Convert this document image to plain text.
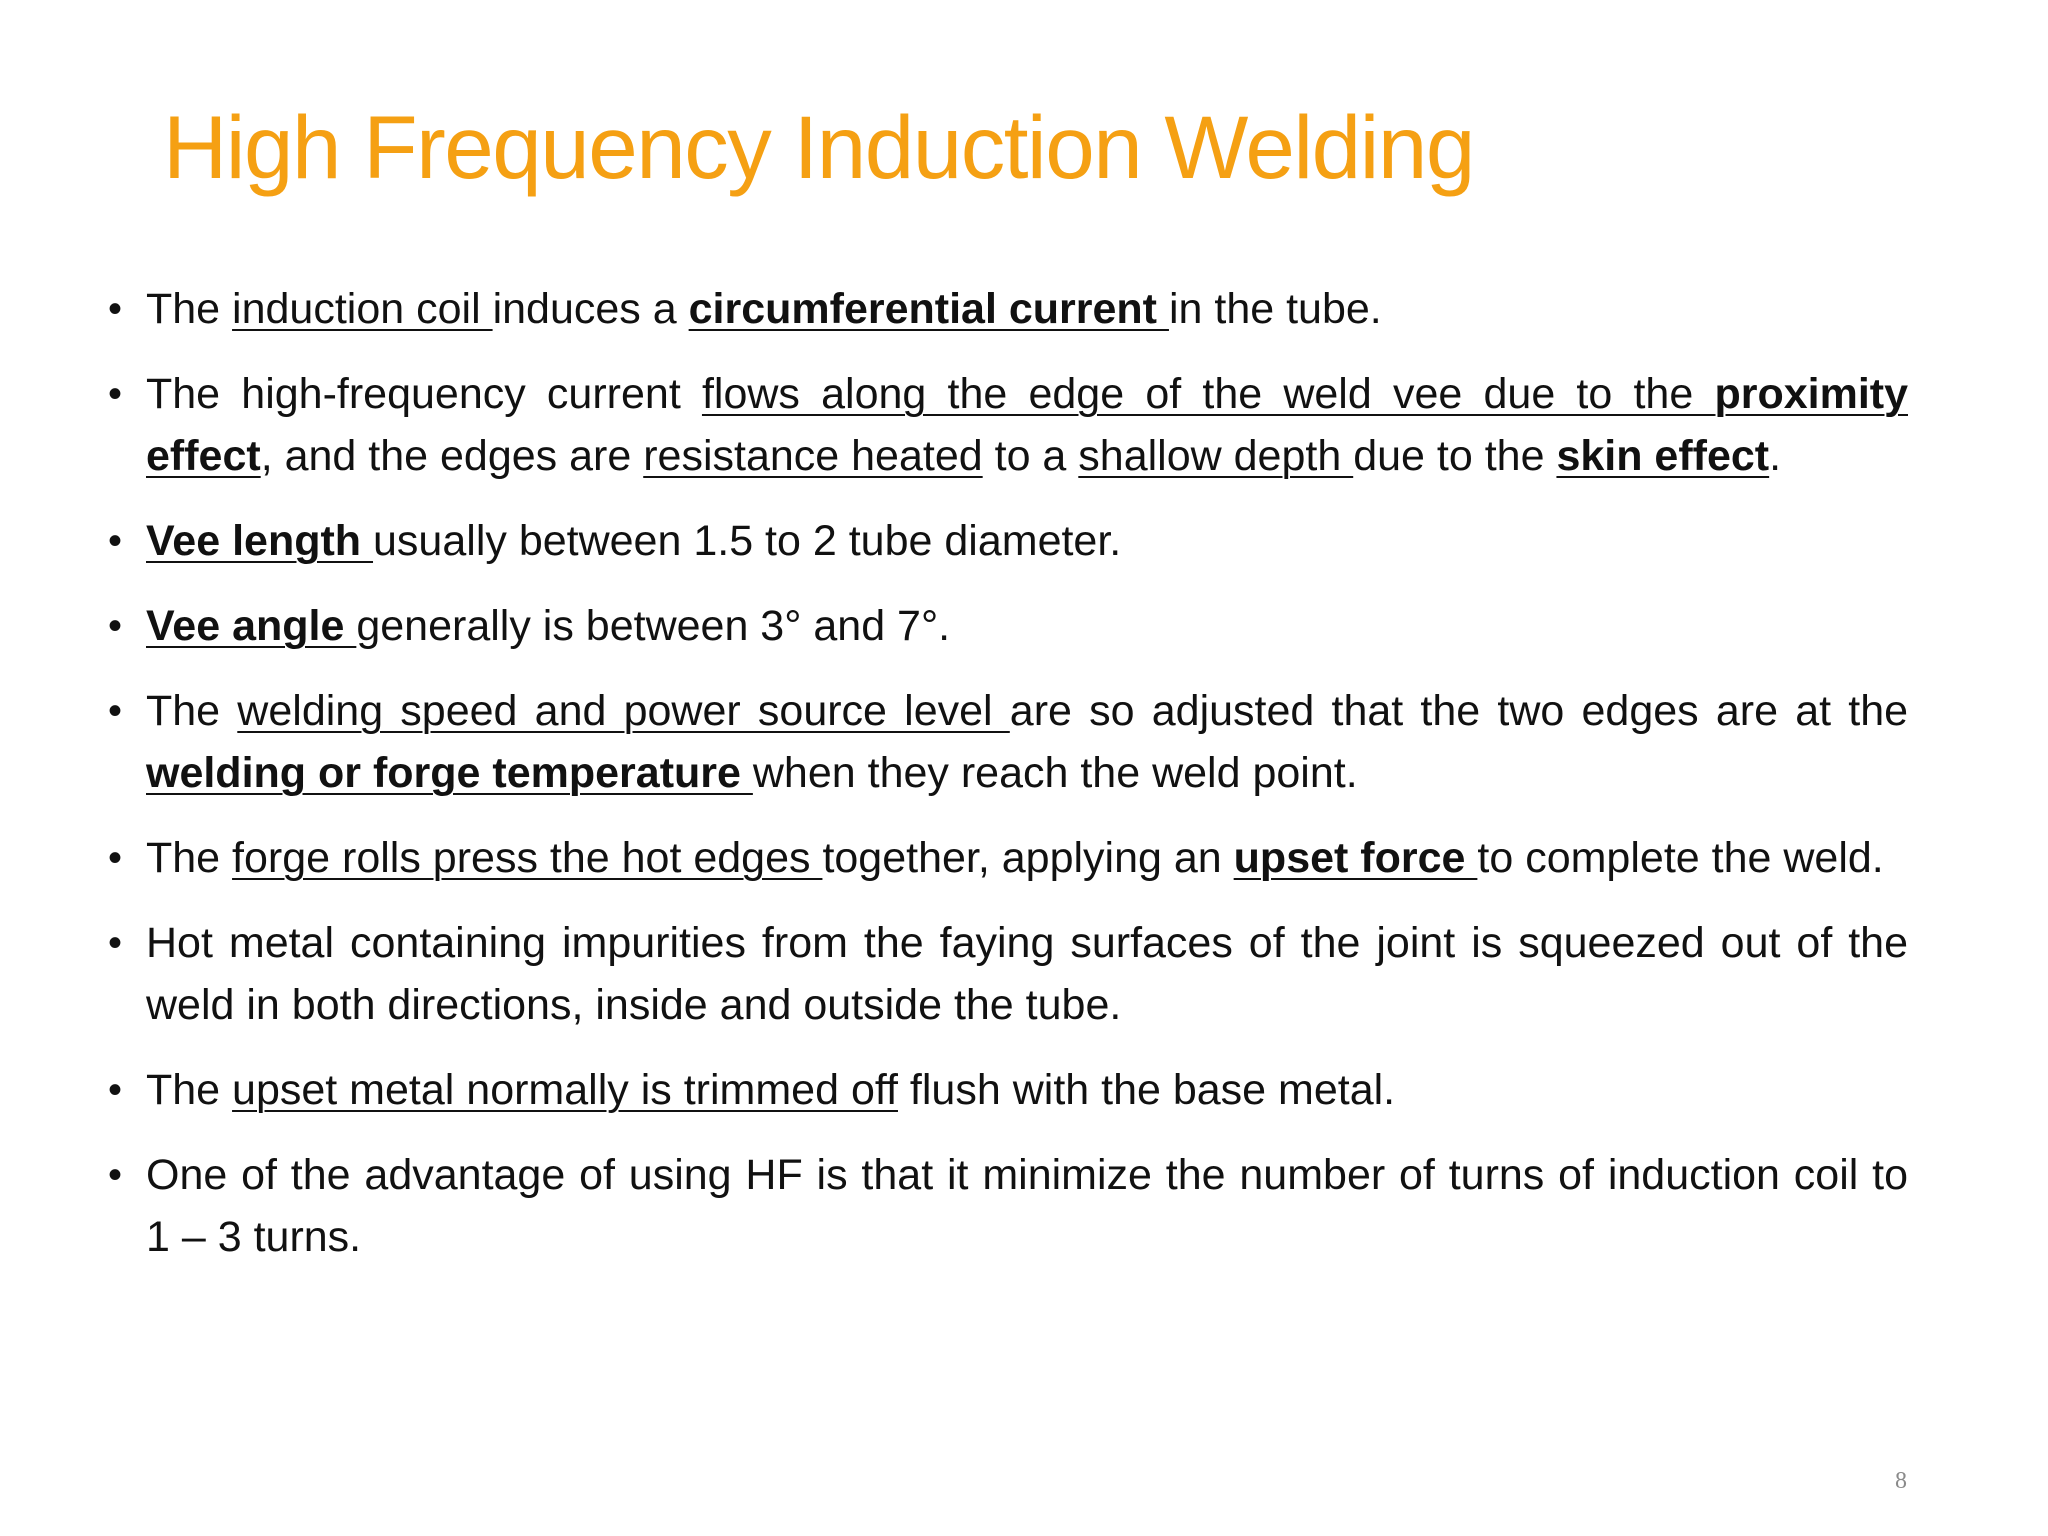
High Frequency Induction Welding
• The induction coil induces a circumferential current in the tube.
• The high-frequency current flows along the edge of the weld vee due to the proximity effect, and the edges are resistance heated to a shallow depth due to the skin effect.
• Vee length usually between 1.5 to 2 tube diameter.
• Vee angle generally is between 3° and 7°.
• The welding speed and power source level are so adjusted that the two edges are at the welding or forge temperature when they reach the weld point.
• The forge rolls press the hot edges together, applying an upset force to complete the weld.
• Hot metal containing impurities from the faying surfaces of the joint is squeezed out of the weld in both directions, inside and outside the tube.
• The upset metal normally is trimmed off flush with the base metal.
• One of the advantage of using HF is that it minimize the number of turns of induction coil to 1 – 3 turns.
8
